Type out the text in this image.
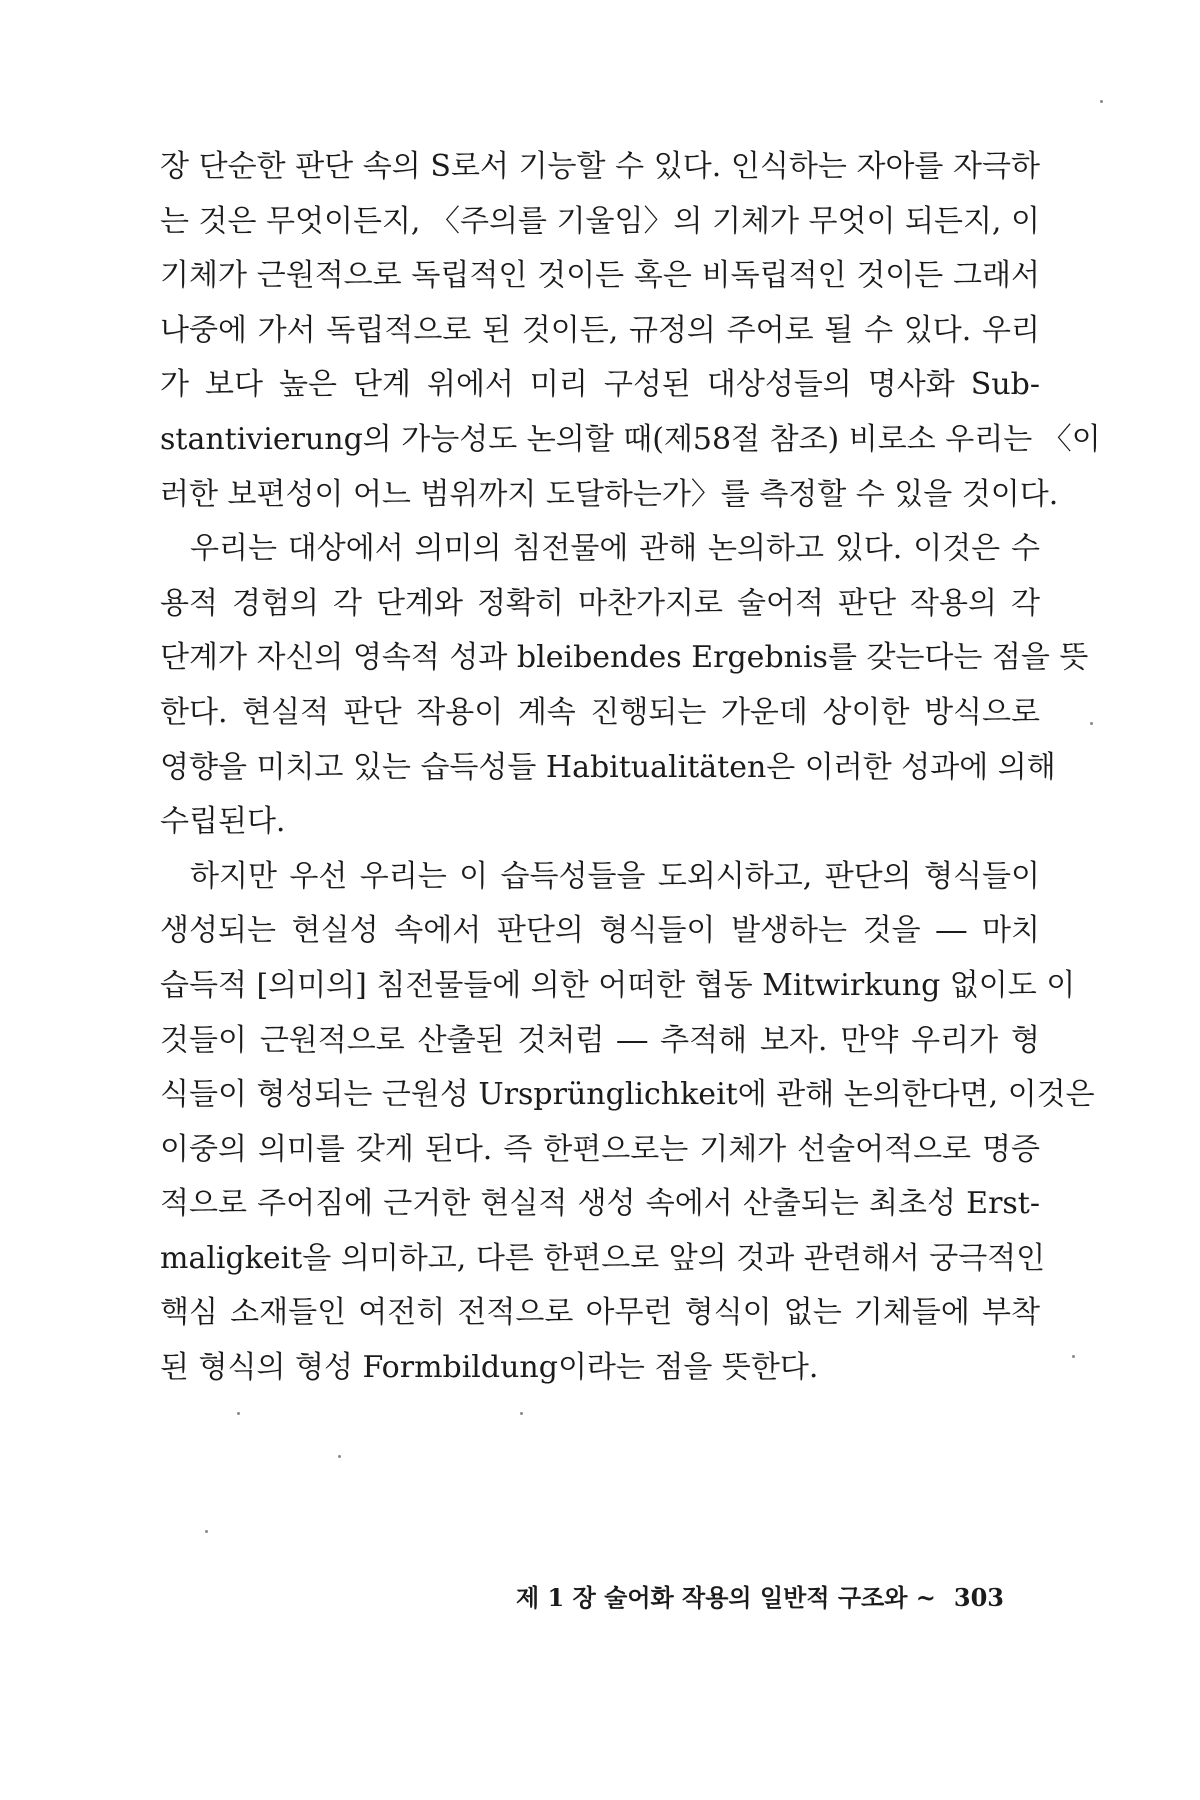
장 단순한 판단 속의 S로서 기능할 수 있다. 인식하는 자아를 자극하
는 것은 무엇이든지, 〈주의를 기울임〉의 기체가 무엇이 되든지, 이
기체가 근원적으로 독립적인 것이든 혹은 비독립적인 것이든 그래서
나중에 가서 독립적으로 된 것이든, 규정의 주어로 될 수 있다. 우리
가 보다 높은 단계 위에서 미리 구성된 대상성들의 명사화 Sub-
stantivierung의 가능성도 논의할 때(제58절 참조) 비로소 우리는 〈이
러한 보편성이 어느 범위까지 도달하는가〉를 측정할 수 있을 것이다.

우리는 대상에서 의미의 침전물에 관해 논의하고 있다. 이것은 수
용적 경험의 각 단계와 정확히 마찬가지로 술어적 판단 작용의 각
단계가 자신의 영속적 성과 bleibendes Ergebnis를 갖는다는 점을 뜻
한다. 현실적 판단 작용이 계속 진행되는 가운데 상이한 방식으로
영향을 미치고 있는 습득성들 Habitualitäten은 이러한 성과에 의해
수립된다.

하지만 우선 우리는 이 습득성들을 도외시하고, 판단의 형식들이
생성되는 현실성 속에서 판단의 형식들이 발생하는 것을 ― 마치
습득적 [의미의] 침전물들에 의한 어떠한 협동 Mitwirkung 없이도 이
것들이 근원적으로 산출된 것처럼 ― 추적해 보자. 만약 우리가 형
식들이 형성되는 근원성 Ursprünglichkeit에 관해 논의한다면, 이것은
이중의 의미를 갖게 된다. 즉 한편으로는 기체가 선술어적으로 명증
적으로 주어짐에 근거한 현실적 생성 속에서 산출되는 최초성 Erst-
maligkeit을 의미하고, 다른 한편으로 앞의 것과 관련해서 궁극적인
핵심 소재들인 여전히 전적으로 아무런 형식이 없는 기체들에 부착
된 형식의 형성 Formbildung이라는 점을 뜻한다.

제 1 장 술어화 작용의 일반적 구조와 ~ 303
